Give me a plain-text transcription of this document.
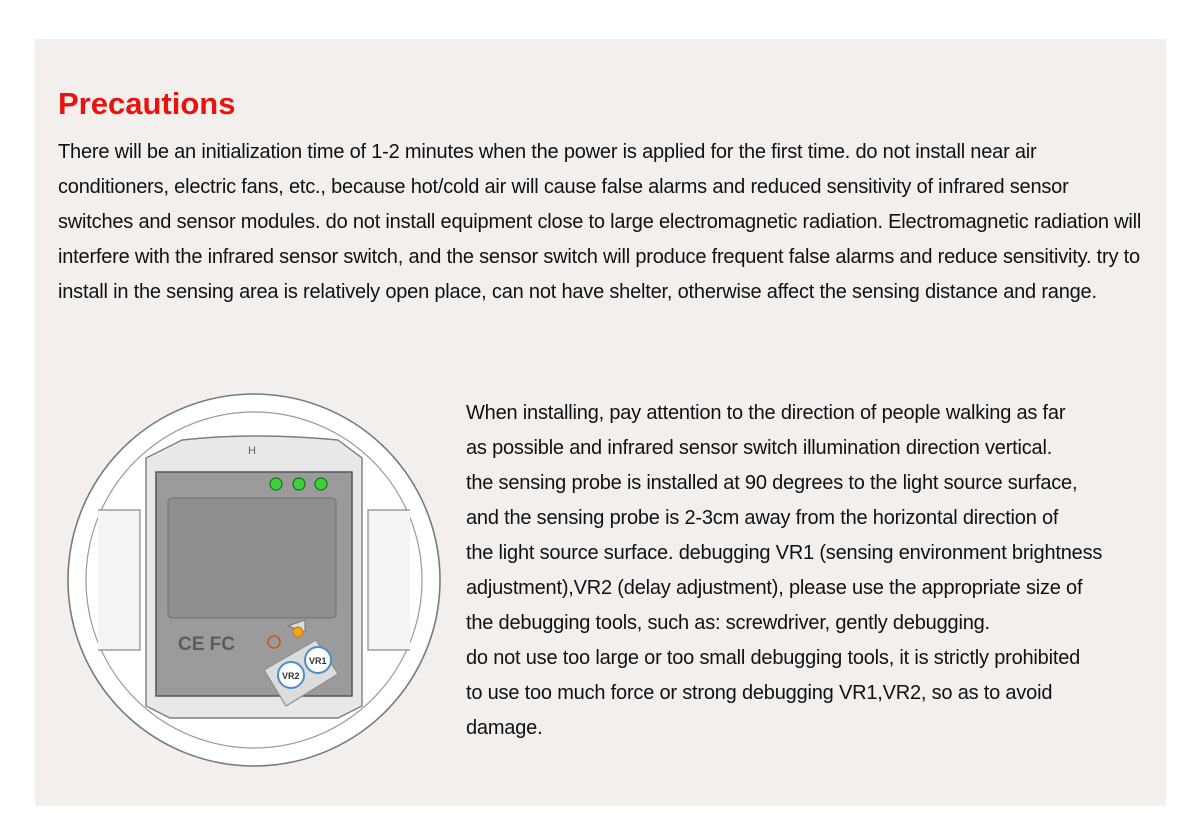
Precautions

There will be an initialization time of 1-2 minutes when the power is applied for the first time. do not install near air conditioners, electric fans, etc., because hot/cold air will cause false alarms and reduced sensitivity of infrared sensor switches and sensor modules. do not install equipment close to large electromagnetic radiation. Electromagnetic radiation will interfere with the infrared sensor switch, and the sensor switch will produce frequent false alarms and reduce sensitivity. try to install in the sensing area is relatively open place, can not have shelter, otherwise affect the sensing distance and range.

H
CE FC
VR1
VR2

When installing, pay attention to the direction of people walking as far
as possible and infrared sensor switch illumination direction vertical.
the sensing probe is installed at 90 degrees to the light source surface,
and the sensing probe is 2-3cm away from the horizontal direction of
the light source surface. debugging VR1 (sensing environment brightness
adjustment),VR2 (delay adjustment), please use the appropriate size of
the debugging tools, such as: screwdriver, gently debugging.
do not use too large or too small debugging tools, it is strictly prohibited
to use too much force or strong debugging VR1,VR2, so as to avoid
damage.
